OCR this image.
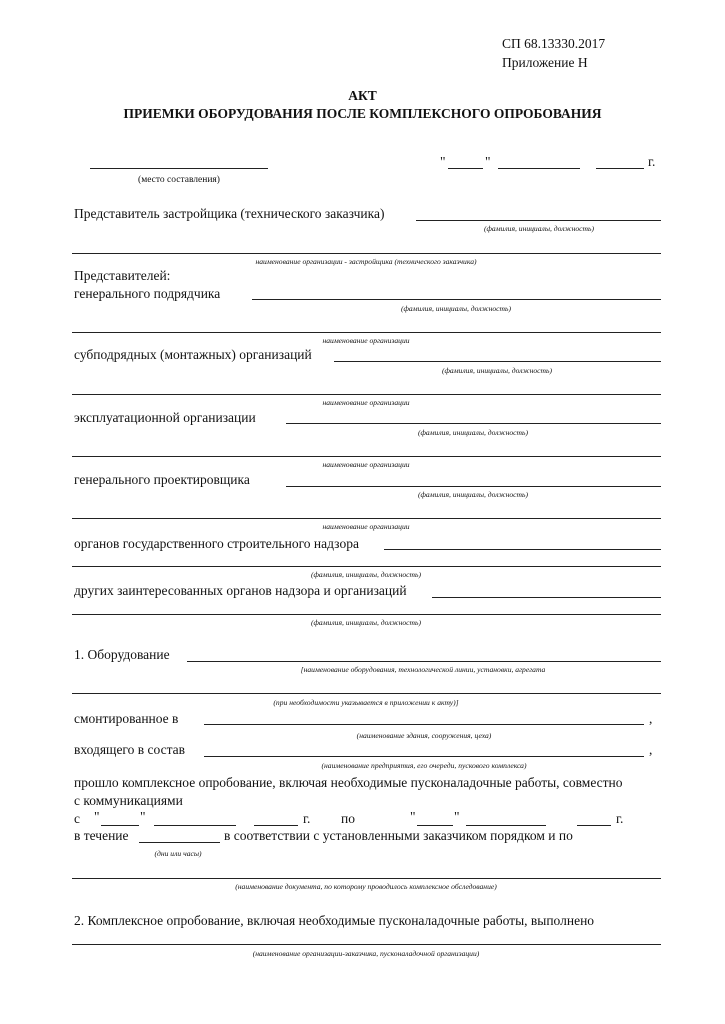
СП 68.13330.2017
Приложение Н
АКТ
ПРИЕМКИ ОБОРУДОВАНИЯ ПОСЛЕ КОМПЛЕКСНОГО ОПРОБОВАНИЯ
(место составления)
"	"	г.
Представитель застройщика (технического заказчика)
(фамилия, инициалы, должность)
наименование организации - застройщика (технического заказчика)
Представителей:
генерального подрядчика
(фамилия, инициалы, должность)
наименование организации
субподрядных (монтажных) организаций
(фамилия, инициалы, должность)
наименование организации
эксплуатационной организации
(фамилия, инициалы, должность)
наименование организации
генерального проектировщика
(фамилия, инициалы, должность)
наименование организации
органов государственного строительного надзора
(фамилия, инициалы, должность)
других заинтересованных органов надзора и организаций
(фамилия, инициалы, должность)
1. Оборудование
[наименование оборудования, технологической линии, установки, агрегата
(при необходимости указывается в приложении к акту)]
смонтированное в	,
(наименование здания, сооружения, цеха)
входящего в состав	,
(наименование предприятия, его очереди, пускового комплекса)
прошло комплексное опробование, включая необходимые пусконаладочные работы, совместно
с коммуникациями
с "	"	г. по	"	"	г.
в течение	в соответствии с установленными заказчиком порядком и по
(дни или часы)
(наименование документа, по которому проводилось комплексное обследование)
2. Комплексное опробование, включая необходимые пусконаладочные работы, выполнено
(наименование организации-заказчика, пусконаладочной организации)
